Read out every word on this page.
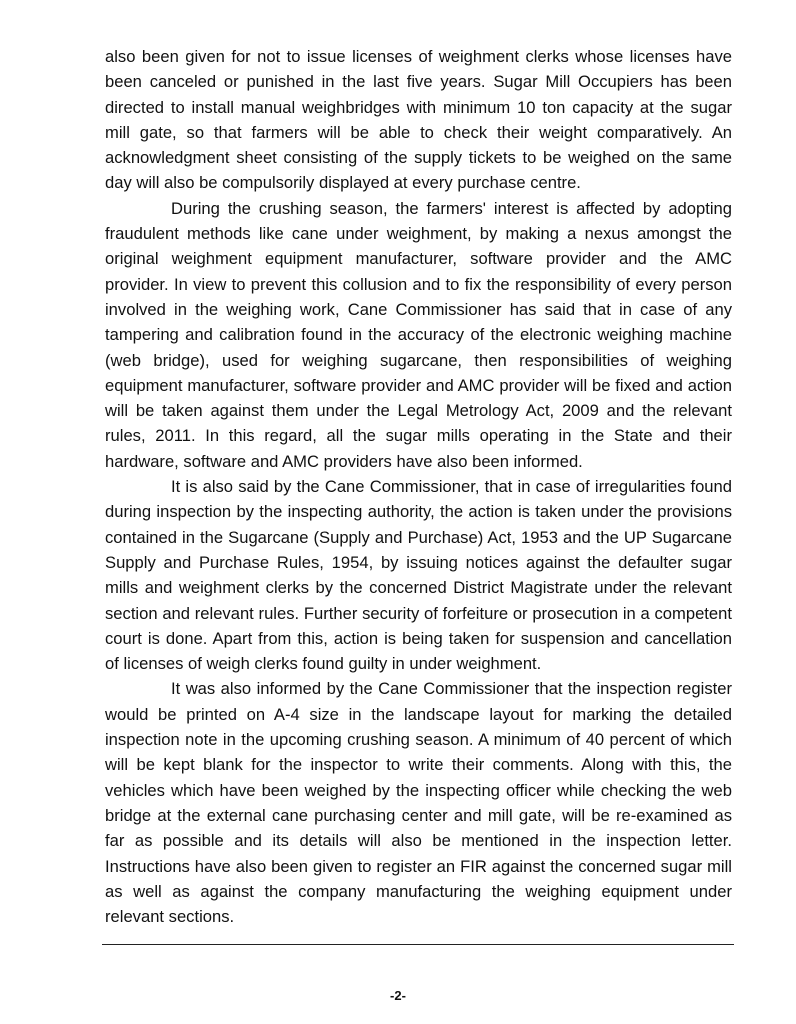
also been given for not to issue licenses of weighment clerks whose licenses have been canceled or punished in the last five years. Sugar Mill Occupiers has been directed to install manual weighbridges with minimum 10 ton capacity at the sugar mill gate, so that farmers will be able to check their weight comparatively. An acknowledgment sheet consisting of the supply tickets to be weighed on the same day will also be compulsorily displayed at every purchase centre.

During the crushing season, the farmers' interest is affected by adopting fraudulent methods like cane under weighment, by making a nexus amongst the original weighment equipment manufacturer, software provider and the AMC provider. In view to prevent this collusion and to fix the responsibility of every person involved in the weighing work, Cane Commissioner has said that in case of any tampering and calibration found in the accuracy of the electronic weighing machine (web bridge), used for weighing sugarcane, then responsibilities of weighing equipment manufacturer, software provider and AMC provider will be fixed and action will be taken against them under the Legal Metrology Act, 2009 and the relevant rules, 2011. In this regard, all the sugar mills operating in the State and their hardware, software and AMC providers have also been informed.

It is also said by the Cane Commissioner, that in case of irregularities found during inspection by the inspecting authority, the action is taken under the provisions contained in the Sugarcane (Supply and Purchase) Act, 1953 and the UP Sugarcane Supply and Purchase Rules, 1954, by issuing notices against the defaulter sugar mills and weighment clerks by the concerned District Magistrate under the relevant section and relevant rules. Further security of forfeiture or prosecution in a competent court is done. Apart from this, action is being taken for suspension and cancellation of licenses of weigh clerks found guilty in under weighment.

It was also informed by the Cane Commissioner that the inspection register would be printed on A-4 size in the landscape layout for marking the detailed inspection note in the upcoming crushing season. A minimum of 40 percent of which will be kept blank for the inspector to write their comments. Along with this, the vehicles which have been weighed by the inspecting officer while checking the web bridge at the external cane purchasing center and mill gate, will be re-examined as far as possible and its details will also be mentioned in the inspection letter. Instructions have also been given to register an FIR against the concerned sugar mill as well as against the company manufacturing the weighing equipment under relevant sections.

-2-
